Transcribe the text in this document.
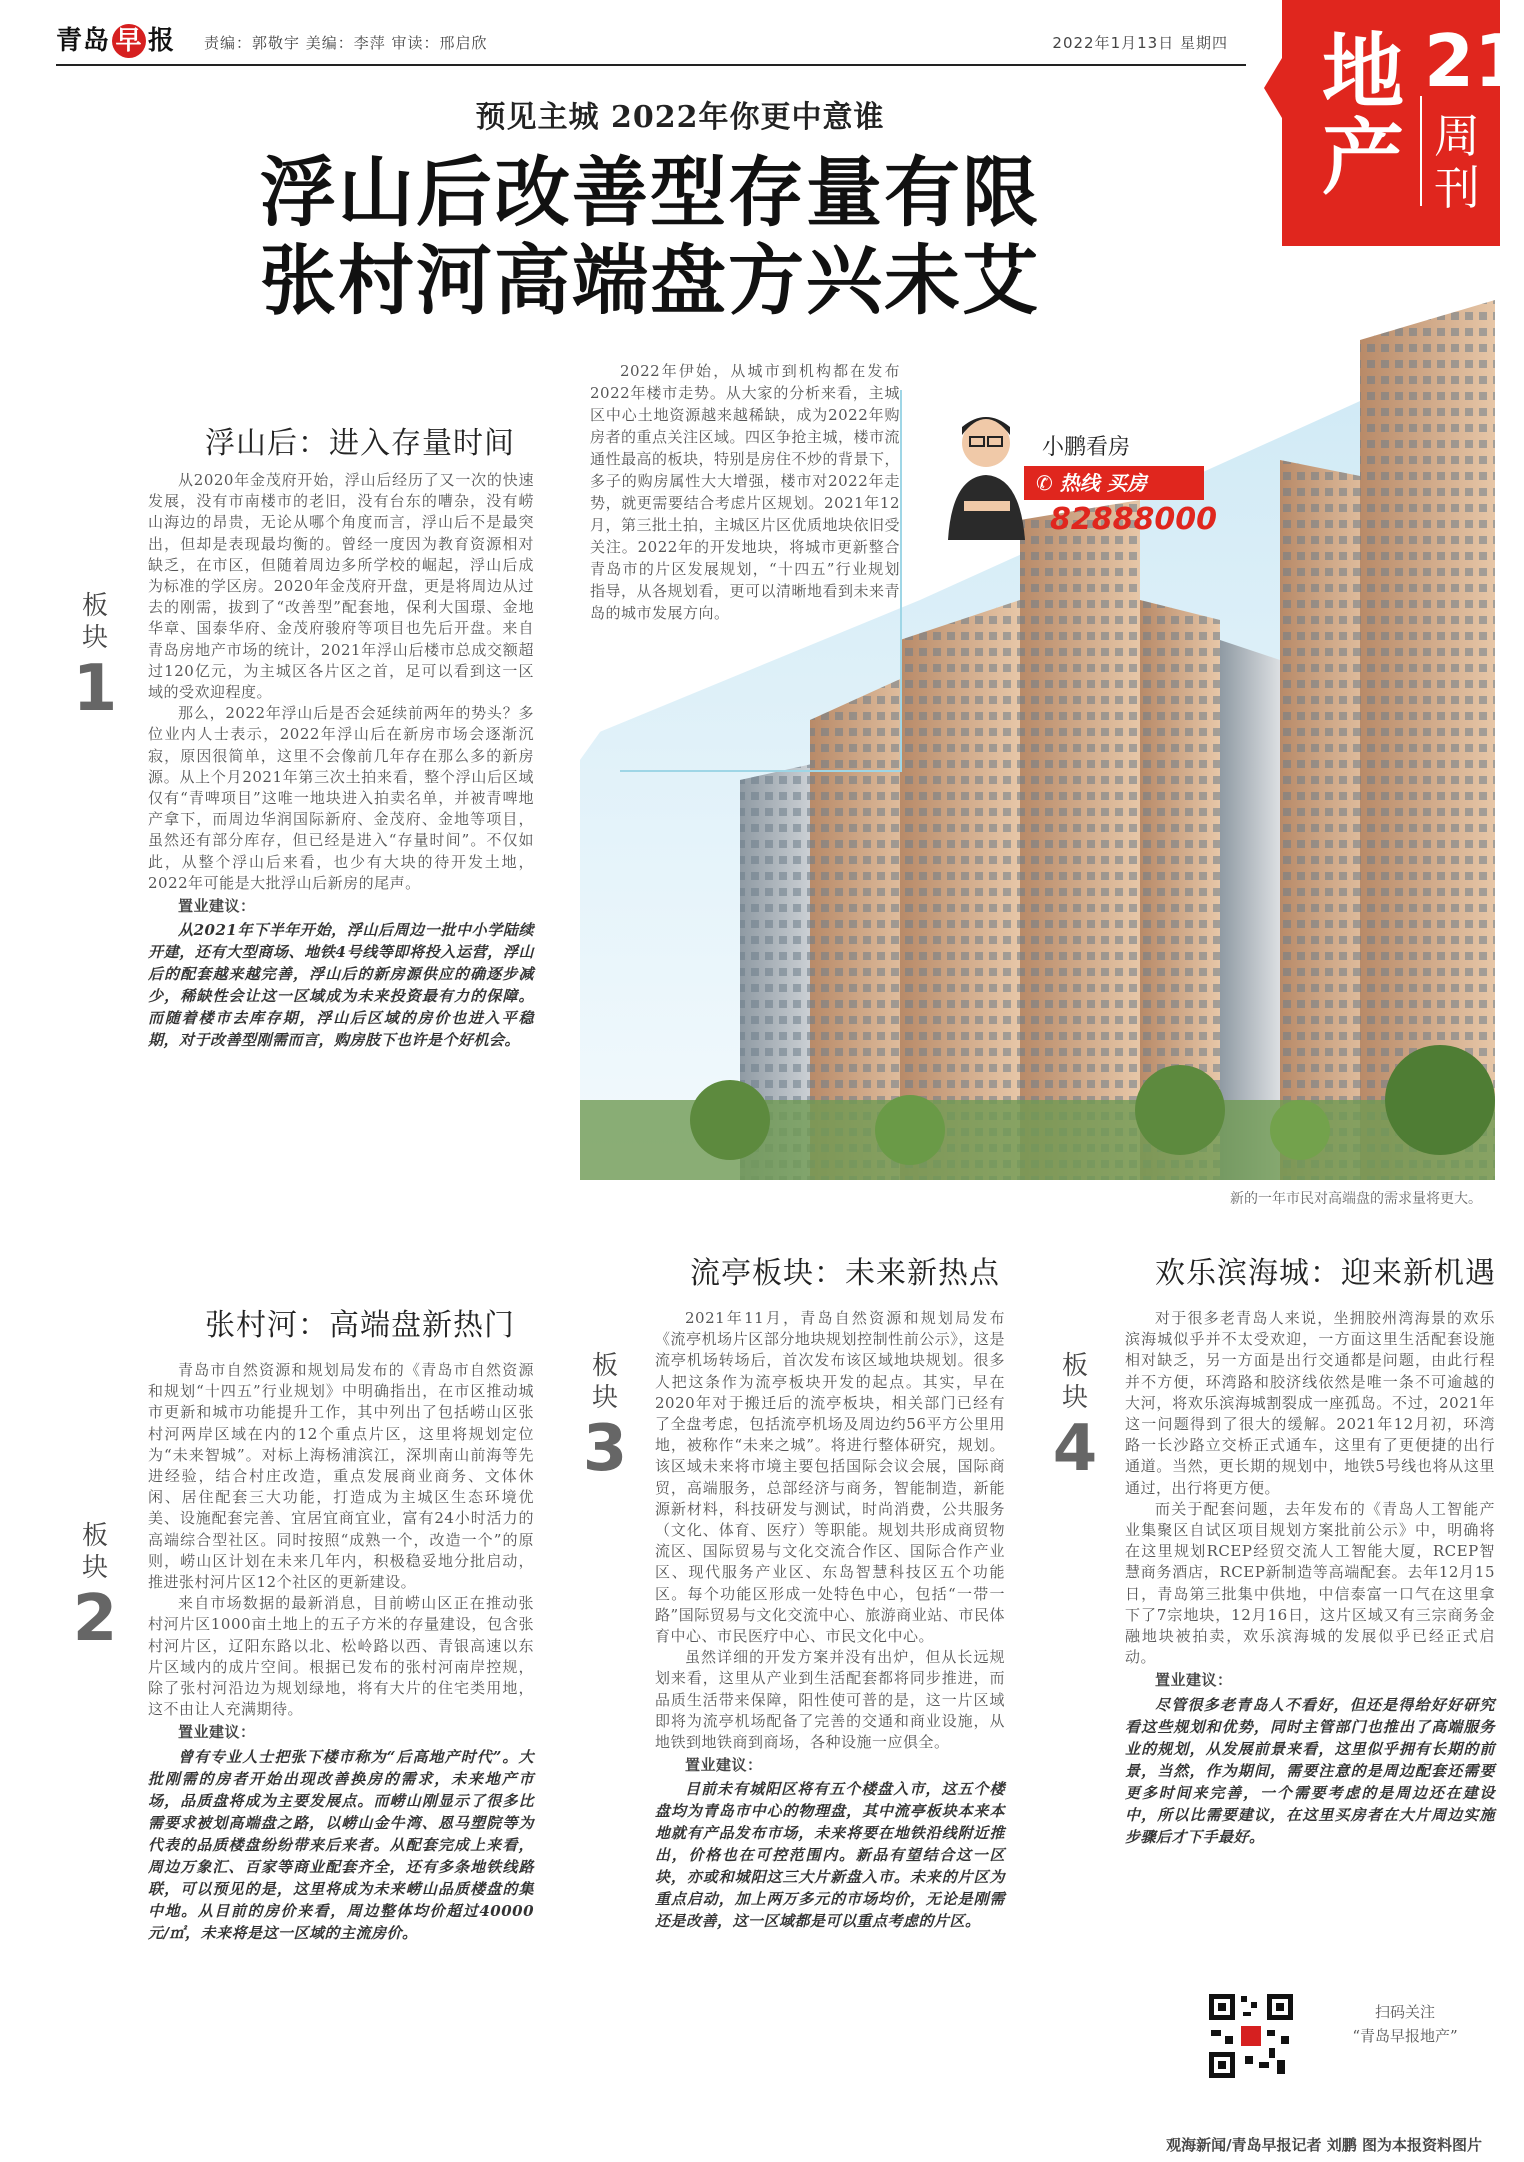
青岛 早 报 责编：郭敬宇 美编：李萍 审读：邢启欣	2022年1月13日 星期四 地产
21
周刊
预见主城 2022年你更中意谁
浮山后改善型存量有限
张村河高端盘方兴未艾
新的一年市民对高端盘的需求量将更大。
2022年伊始，从城市到机构都在发布2022年楼市走势。从大家的分析来看，主城区中心土地资源越来越稀缺，成为2022年购房者的重点关注区域。四区争抢主城，楼市流通性最高的板块，特别是房住不炒的背景下，多子的购房属性大大增强，楼市对2022年走势，就更需要结合考虑片区规划。2021年12月，第三批土拍，主城区片区优质地块依旧受关注。2022年的开发地块，将城市更新整合青岛市的片区发展规划，“十四五”行业规划指导，从各规划看，更可以清晰地看到未来青岛的城市发展方向。
小鹏看房
✆ 热线 买房
82888000
板
块
1
浮山后：进入存量时间

从2020年金茂府开始，浮山后经历了又一次的快速发展，没有市南楼市的老旧，没有台东的嘈杂，没有崂山海边的昂贵，无论从哪个角度而言，浮山后不是最突出，但却是表现最均衡的。曾经一度因为教育资源相对缺乏，在市区，但随着周边多所学校的崛起，浮山后成为标准的学区房。2020年金茂府开盘，更是将周边从过去的刚需，拔到了“改善型”配套地，保利大国璟、金地华章、国泰华府、金茂府骏府等项目也先后开盘。来自青岛房地产市场的统计，2021年浮山后楼市总成交额超过120亿元，为主城区各片区之首，足可以看到这一区域的受欢迎程度。

那么，2022年浮山后是否会延续前两年的势头？多位业内人士表示，2022年浮山后在新房市场会逐渐沉寂，原因很简单，这里不会像前几年存在那么多的新房源。从上个月2021年第三次土拍来看，整个浮山后区域仅有“青啤项目”这唯一地块进入拍卖名单，并被青啤地产拿下，而周边华润国际新府、金茂府、金地等项目，虽然还有部分库存，但已经是进入“存量时间”。不仅如此，从整个浮山后来看，也少有大块的待开发土地，2022年可能是大批浮山后新房的尾声。

置业建议：
从2021年下半年开始，浮山后周边一批中小学陆续开建，还有大型商场、地铁4号线等即将投入运营，浮山后的配套越来越完善，浮山后的新房源供应的确逐步减少，稀缺性会让这一区域成为未来投资最有力的保障。而随着楼市去库存期，浮山后区域的房价也进入平稳期，对于改善型刚需而言，购房肢下也许是个好机会。
板
块
2
张村河：高端盘新热门

青岛市自然资源和规划局发布的《青岛市自然资源和规划“十四五”行业规划》中明确指出，在市区推动城市更新和城市功能提升工作，其中列出了包括崂山区张村河两岸区域在内的12个重点片区，这里将规划定位为“未来智城”。对标上海杨浦滨江，深圳南山前海等先进经验，结合村庄改造，重点发展商业商务、文体休闲、居住配套三大功能，打造成为主城区生态环境优美、设施配套完善、宜居宜商宜业，富有24小时活力的高端综合型社区。同时按照“成熟一个，改造一个”的原则，崂山区计划在未来几年内，积极稳妥地分批启动，推进张村河片区12个社区的更新建设。

来自市场数据的最新消息，目前崂山区正在推动张村河片区1000亩土地上的五子方米的存量建设，包含张村河片区，辽阳东路以北、松岭路以西、青银高速以东片区域内的成片空间。根据已发布的张村河南岸控规，除了张村河沿边为规划绿地，将有大片的住宅类用地，这不由让人充满期待。

置业建议：
曾有专业人士把张下楼市称为“后高地产时代”。大批刚需的房者开始出现改善换房的需求，未来地产市场，品质盘将成为主要发展点。而崂山刚显示了很多比需要求被划高端盘之路，以崂山金牛湾、恩马塑院等为代表的品质楼盘纷纷带来后来者。从配套完成上来看，周边万象汇、百家等商业配套齐全，还有多条地铁线路联，可以预见的是，这里将成为未来崂山品质楼盘的集中地。从目前的房价来看，周边整体均价超过40000元/㎡，未来将是这一区域的主流房价。
板
块
3
流亭板块：未来新热点

2021年11月，青岛自然资源和规划局发布《流亭机场片区部分地块规划控制性前公示》，这是流亭机场转场后，首次发布该区域地块规划。很多人把这条作为流亭板块开发的起点。其实，早在2020年对于搬迁后的流亭板块，相关部门已经有了全盘考虑，包括流亭机场及周边约56平方公里用地，被称作“未来之城”。将进行整体研究，规划。该区域未来将市境主要包括国际会议会展，国际商贸，高端服务，总部经济与商务，智能制造，新能源新材料，科技研发与测试，时尚消费，公共服务（文化、体育、医疗）等职能。规划共形成商贸物流区、国际贸易与文化交流合作区、国际合作产业区、现代服务产业区、东岛智慧科技区五个功能区。每个功能区形成一处特色中心，包括“一带一路”国际贸易与文化交流中心、旅游商业站、市民体育中心、市民医疗中心、市民文化中心。

虽然详细的开发方案并没有出炉，但从长远规划来看，这里从产业到生活配套都将同步推进，而品质生活带来保障，阳性使可普的是，这一片区域即将为流亭机场配备了完善的交通和商业设施，从地铁到地铁商到商场，各种设施一应俱全。

置业建议：
目前未有城阳区将有五个楼盘入市，这五个楼盘均为青岛市中心的物理盘，其中流亭板块本来本地就有产品发布市场，未来将要在地铁沿线附近推出，价格也在可控范围内。新品有望结合这一区块，亦或和城阳这三大片新盘入市。未来的片区为重点启动，加上两万多元的市场均价，无论是刚需还是改善，这一区域都是可以重点考虑的片区。
板
块
4
欢乐滨海城：迎来新机遇

对于很多老青岛人来说，坐拥胶州湾海景的欢乐滨海城似乎并不太受欢迎，一方面这里生活配套设施相对缺乏，另一方面是出行交通都是问题，由此行程并不方便，环湾路和胶济线依然是唯一条不可逾越的大河，将欢乐滨海城割裂成一座孤岛。不过，2021年这一问题得到了很大的缓解。2021年12月初，环湾路一长沙路立交桥正式通车，这里有了更便捷的出行通道。当然，更长期的规划中，地铁5号线也将从这里通过，出行将更方便。

而关于配套问题，去年发布的《青岛人工智能产业集聚区自试区项目规划方案批前公示》中，明确将在这里规划RCEP经贸交流人工智能大厦，RCEP智慧商务酒店，RCEP新制造等高端配套。去年12月15日，青岛第三批集中供地，中信泰富一口气在这里拿下了7宗地块，12月16日，这片区域又有三宗商务金融地块被拍卖，欢乐滨海城的发展似乎已经正式启动。

置业建议：
尽管很多老青岛人不看好，但还是得给好好研究看这些规划和优势，同时主管部门也推出了高端服务业的规划，从发展前景来看，这里似乎拥有长期的前景，当然，作为期间，需要注意的是周边配套还需要更多时间来完善，一个需要考虑的是周边还在建设中，所以比需要建议，在这里买房者在大片周边实施步骤后才下手最好。
扫码关注
“青岛早报地产”
观海新闻/青岛早报记者 刘鹏 图为本报资料图片
